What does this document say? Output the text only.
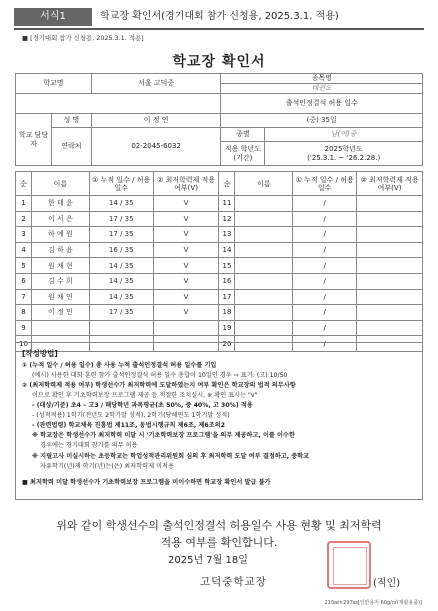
서식1	학교장 확인서(경기대회 참가 신청용, 2025.3.1. 적용)
■ [경기대회 참가 신청용, 2025.3.1. 적용]
학교장 확인서
학교명		서울 고덕중	종목명	
			태권도	
			출석인정결석 허용 일수	
학교 담당자	성 명	이 정 연	(중) 35일	
	연락처	02-2045-6032	종별	남(여)중
			적용 학년도 (기간)	2025학년도
('25.3.1. ~ '26.2.28.)
순	이름	① 누적 일수 / 허용 일수	② 최저학력제 적용 여부(V)	순	이름	① 누적 일수 / 허용 일수	② 최저학력제 적용 여부(V)
1	한 태 윤	14 / 35	V	11		/	
2	이 서 은	17 / 35	V	12		/	
3	하 예 원	17 / 35	V	13		/	
4	김 하 윤	16 / 35	V	14		/	
5	원 채 현	14 / 35	V	15		/	
6	김 수 희	14 / 35	V	16		/	
7	원 채 연	14 / 35	V	17		/	
8	이 정 민	17 / 35	V	18		/	
9				19		/	
10				20		/	
[작성방법]
① (누적 일수 / 허용 일수) 총 사용 누적 출석인정결석 허용 일수를 기입
(예시) 사용한 대회·훈련 참가 출석인정결석 허용 일수 총합이 10일인 경우 ⇨ 표기: (고) 10/50
② (최저학력제 적용 여부) 학생선수가 최저학력에 도달하였는지 여부 확인은 학교장의 법적 의무사항
이므로 확인 후 기초학력보장 프로그램 제공 등 적절한 조치실시, ※ 확인 표시는 "v"
- (대상/기준) 초4 – 고3 / 해당학년 과목평균(초 50%, 중 40%, 고 30%) 적용
- (성적적용) 1학기(전년도 2학기말 성적), 2학기(당해연도 1학기말 성적)
- (관련법령) 학교체육 진흥법 제11조, 동법시행규칙 제6조, 제6조의2
※ 학교장은 학생선수가 최저학력 미달 시 '기초학력보장 프로그램'을 의무 제공하고, 이를 이수한
경우에는 경기대회 참가를 의무 허용
※ 지필고사 미실시하는 초등학교는 학업성적관리위원회 심의 후 최저학력 도달 여부 결정하고, 중학교
자유학기(년)제 학기(년)는(은) 최저학력제 미적용
■ 최저학력 미달 학생선수가 기초학력보장 프로그램을 미이수하면 학교장 확인서 발급 불가
위와 같이 학생선수의 출석인정결석 허용일수 사용 현황 및 최저학력
적용 여부를 확인합니다.
2025년 7월 18일
고덕중학교장	(직인)
210㎜×297㎜[일반용지 60g/㎡(재활용품)]
